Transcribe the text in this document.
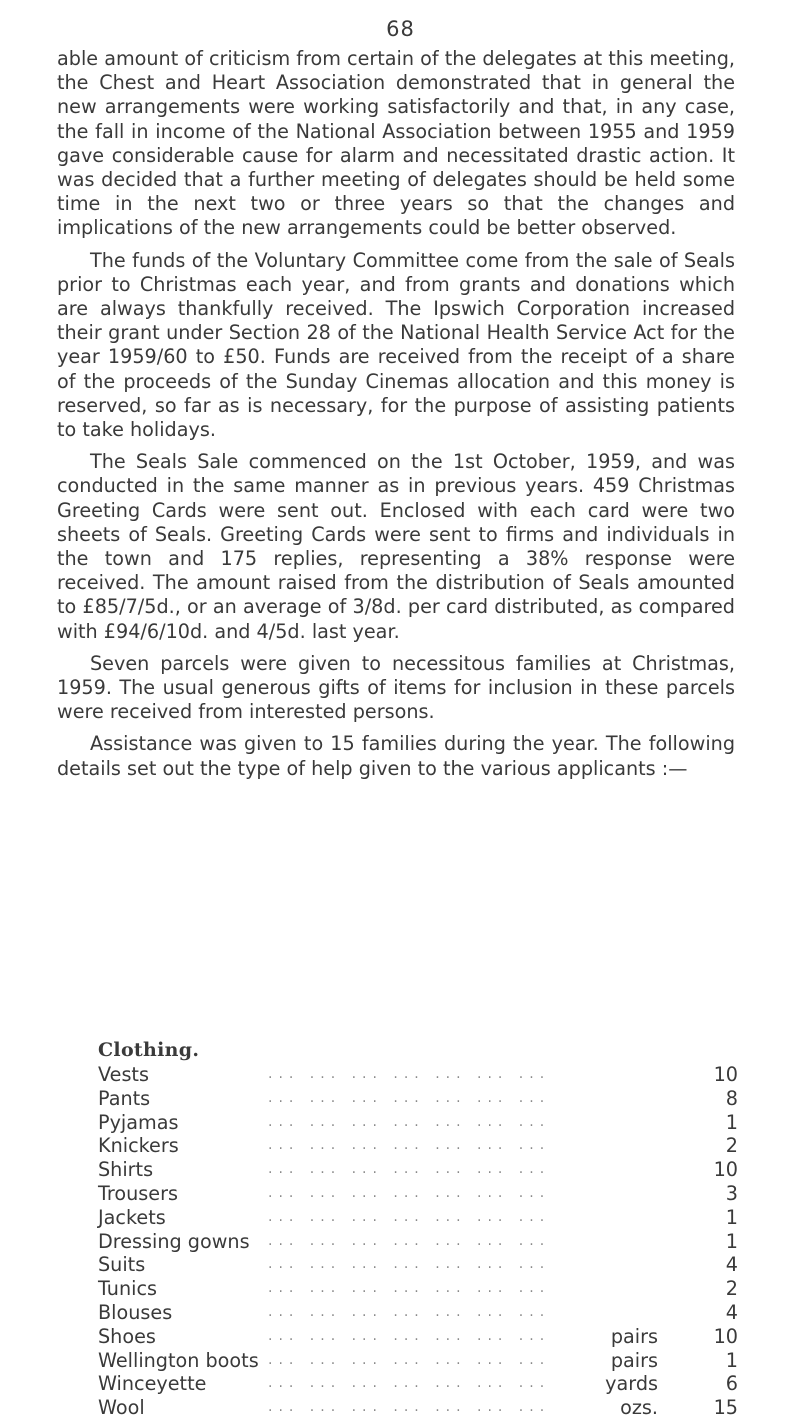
68

able amount of criticism from certain of the delegates at this meeting, the Chest and Heart Association demonstrated that in general the new arrangements were working satisfactorily and that, in any case, the fall in income of the National Association between 1955 and 1959 gave considerable cause for alarm and necessitated drastic action. It was decided that a further meeting of delegates should be held some time in the next two or three years so that the changes and implications of the new arrangements could be better observed.

The funds of the Voluntary Committee come from the sale of Seals prior to Christmas each year, and from grants and donations which are always thankfully received. The Ipswich Corporation increased their grant under Section 28 of the National Health Service Act for the year 1959/60 to £50. Funds are received from the receipt of a share of the proceeds of the Sunday Cinemas allocation and this money is reserved, so far as is necessary, for the purpose of assisting patients to take holidays.

The Seals Sale commenced on the 1st October, 1959, and was conducted in the same manner as in previous years. 459 Christmas Greeting Cards were sent out. Enclosed with each card were two sheets of Seals. Greeting Cards were sent to firms and individuals in the town and 175 replies, representing a 38% response were received. The amount raised from the distribution of Seals amounted to £85/7/5d., or an average of 3/8d. per card distributed, as compared with £94/6/10d. and 4/5d. last year.

Seven parcels were given to necessitous families at Christmas, 1959. The usual generous gifts of items for inclusion in these parcels were received from interested persons.

Assistance was given to 15 families during the year. The following details set out the type of help given to the various applicants :—

Clothing.
Vests	... ... ... ... ... ... ...	10
Pants	... ... ... ... ... ... ...	8
Pyjamas	... ... ... ... ... ... ...	1
Knickers	... ... ... ... ... ... ...	2
Shirts	... ... ... ... ... ... ...	10
Trousers	... ... ... ... ... ... ...	3
Jackets	... ... ... ... ... ... ...	1
Dressing gowns	... ... ... ... ... ... ...	1
Suits	... ... ... ... ... ... ...	4
Tunics	... ... ... ... ... ... ...	2
Blouses	... ... ... ... ... ... ...	4
Shoes	... ... ... ... ... ... ...	pairs	10
Wellington boots ... ... ... ... ... ... ...	pairs	1
Winceyette	... ... ... ... ... ... ...	yards	6
Wool	... ... ... ... ... ... ...	ozs.	15
